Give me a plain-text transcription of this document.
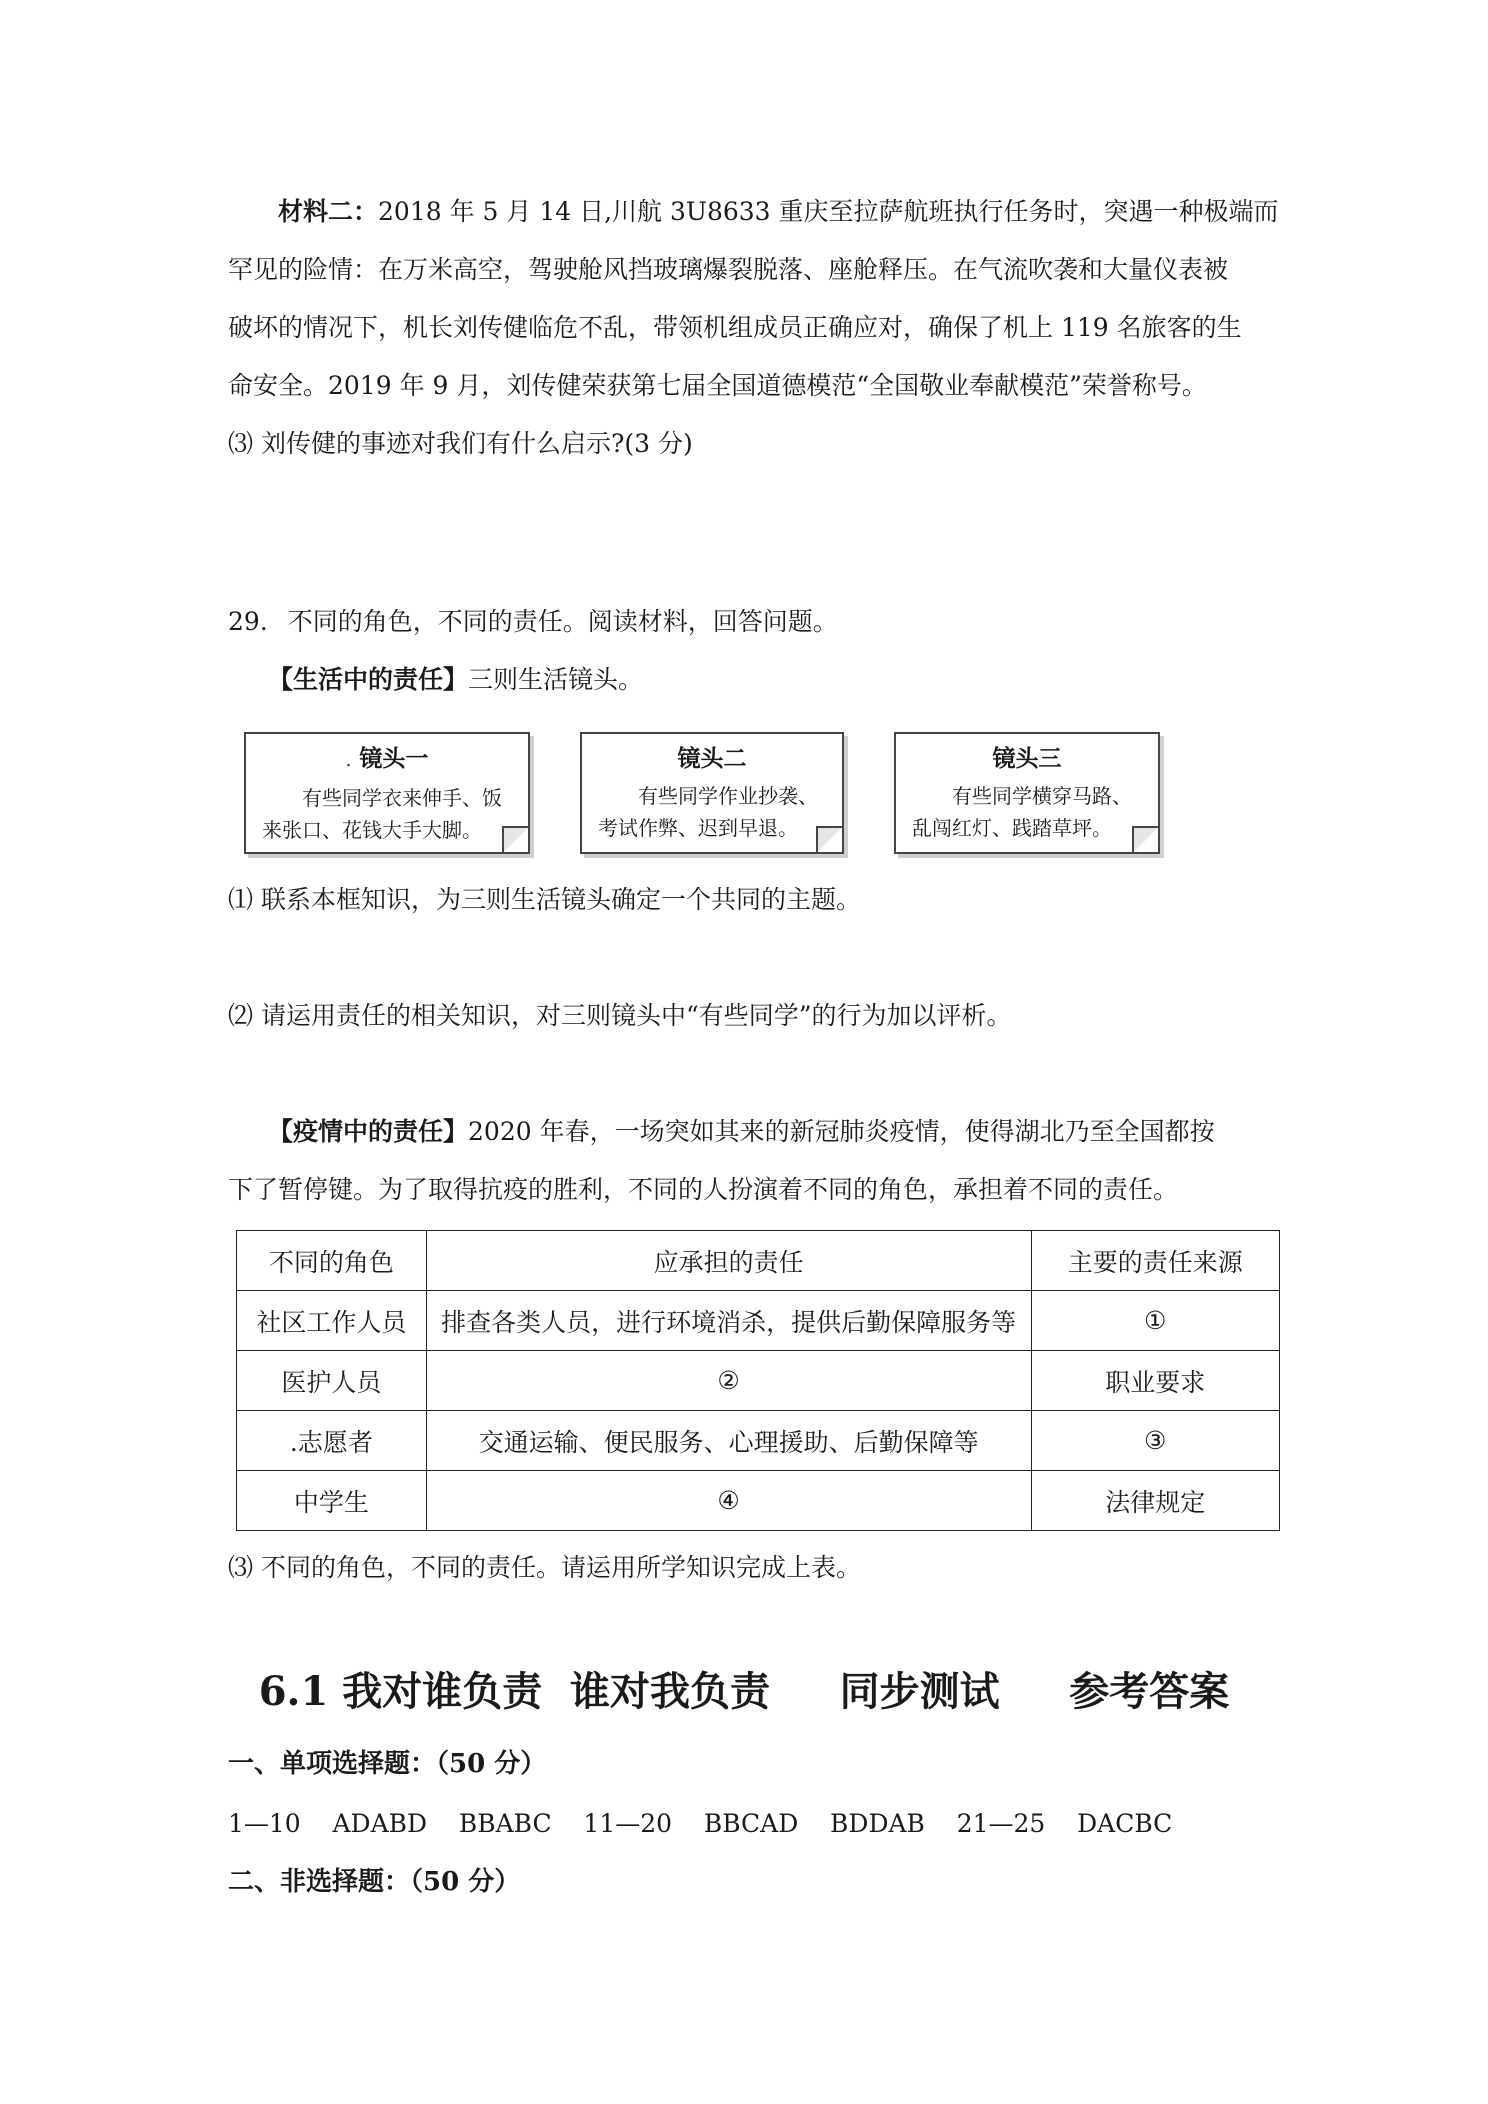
材料二：2018 年 5 月 14 日,川航 3U8633 重庆至拉萨航班执行任务时，突遇一种极端而
罕见的险情：在万米高空，驾驶舱风挡玻璃爆裂脱落、座舱释压。在气流吹袭和大量仪表被
破坏的情况下，机长刘传健临危不乱，带领机组成员正确应对，确保了机上 119 名旅客的生
命安全。2019 年 9 月，刘传健荣获第七届全国道德模范“全国敬业奉献模范”荣誉称号。
⑶ 刘传健的事迹对我们有什么启示?(3 分)
29. 不同的角色，不同的责任。阅读材料，回答问题。
【生活中的责任】三则生活镜头。
. 镜头一
有些同学衣来伸手、饭来张口、花钱大手大脚。
镜头二
有些同学作业抄袭、考试作弊、迟到早退。
镜头三
有些同学横穿马路、乱闯红灯、践踏草坪。
⑴ 联系本框知识，为三则生活镜头确定一个共同的主题。
⑵ 请运用责任的相关知识，对三则镜头中“有些同学”的行为加以评析。
【疫情中的责任】2020 年春，一场突如其来的新冠肺炎疫情，使得湖北乃至全国都按
下了暂停键。为了取得抗疫的胜利，不同的人扮演着不同的角色，承担着不同的责任。
不同的角色	应承担的责任	主要的责任来源
社区工作人员	排查各类人员，进行环境消杀，提供后勤保障服务等	①
医护人员	②	职业要求
.志愿者	交通运输、便民服务、心理援助、后勤保障等	③
中学生	④	法律规定
⑶ 不同的角色，不同的责任。请运用所学知识完成上表。
6.1 我对谁负责  谁对我负责     同步测试     参考答案
一、单项选择题：（50 分）
1—10    ADABD    BBABC    11—20    BBCAD    BDDAB    21—25    DACBC
二、非选择题：（50 分）
